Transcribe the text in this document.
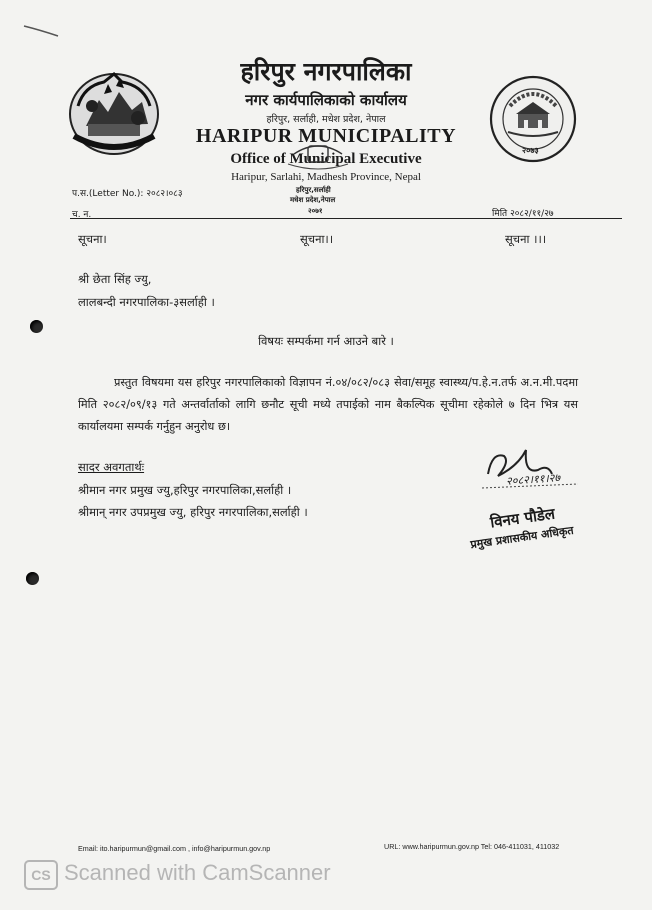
२०७३
हरिपुर नगरपालिका
नगर कार्यपालिकाको कार्यालय
हरिपुर, सर्लाही, मधेश प्रदेश, नेपाल
HARIPUR MUNICIPALITY
Office of Municipal Executive
Haripur, Sarlahi, Madhesh Province, Nepal
हरिपुर,सर्लाही
मधेश प्रदेश,नेपाल
२०७१
प.स.(Letter No.): २०८२।०८३
च. न.	मिति २०८२/११/२७
सूचना।	सूचना।।	सूचना ।।।
श्री छेता सिंह ज्यु,
लालबन्दी नगरपालिका-३सर्लाही ।
विषयः सम्पर्कमा गर्न आउने बारे ।
प्रस्तुत विषयमा यस हरिपुर नगरपालिकाको विज्ञापन नं.०४/०८२/०८३ सेवा/समूह स्वास्थ्य/प.हे.न.तर्फ अ.न.मी.पदमा मिति २०८२/०९/१३ गते अन्तर्वार्ताको लागि छनौट सूची मध्ये तपाईको नाम बैकल्पिक सूचीमा रहेकोले ७ दिन भित्र यस कार्यालयमा सम्पर्क गर्नुहुन अनुरोध छ।
सादर अवगतार्थः
श्रीमान नगर प्रमुख ज्यु,हरिपुर नगरपालिका,सर्लाही ।
श्रीमान् नगर उपप्रमुख ज्यु, हरिपुर नगरपालिका,सर्लाही ।
२०८२।११।२७
विनय पौडेल
प्रमुख प्रशासकीय अधिकृत
Email: ito.haripurmun@gmail.com , info@haripurmun.gov.np	URL: www.haripurmun.gov.np Tel: 046-411031, 411032
CS Scanned with CamScanner
